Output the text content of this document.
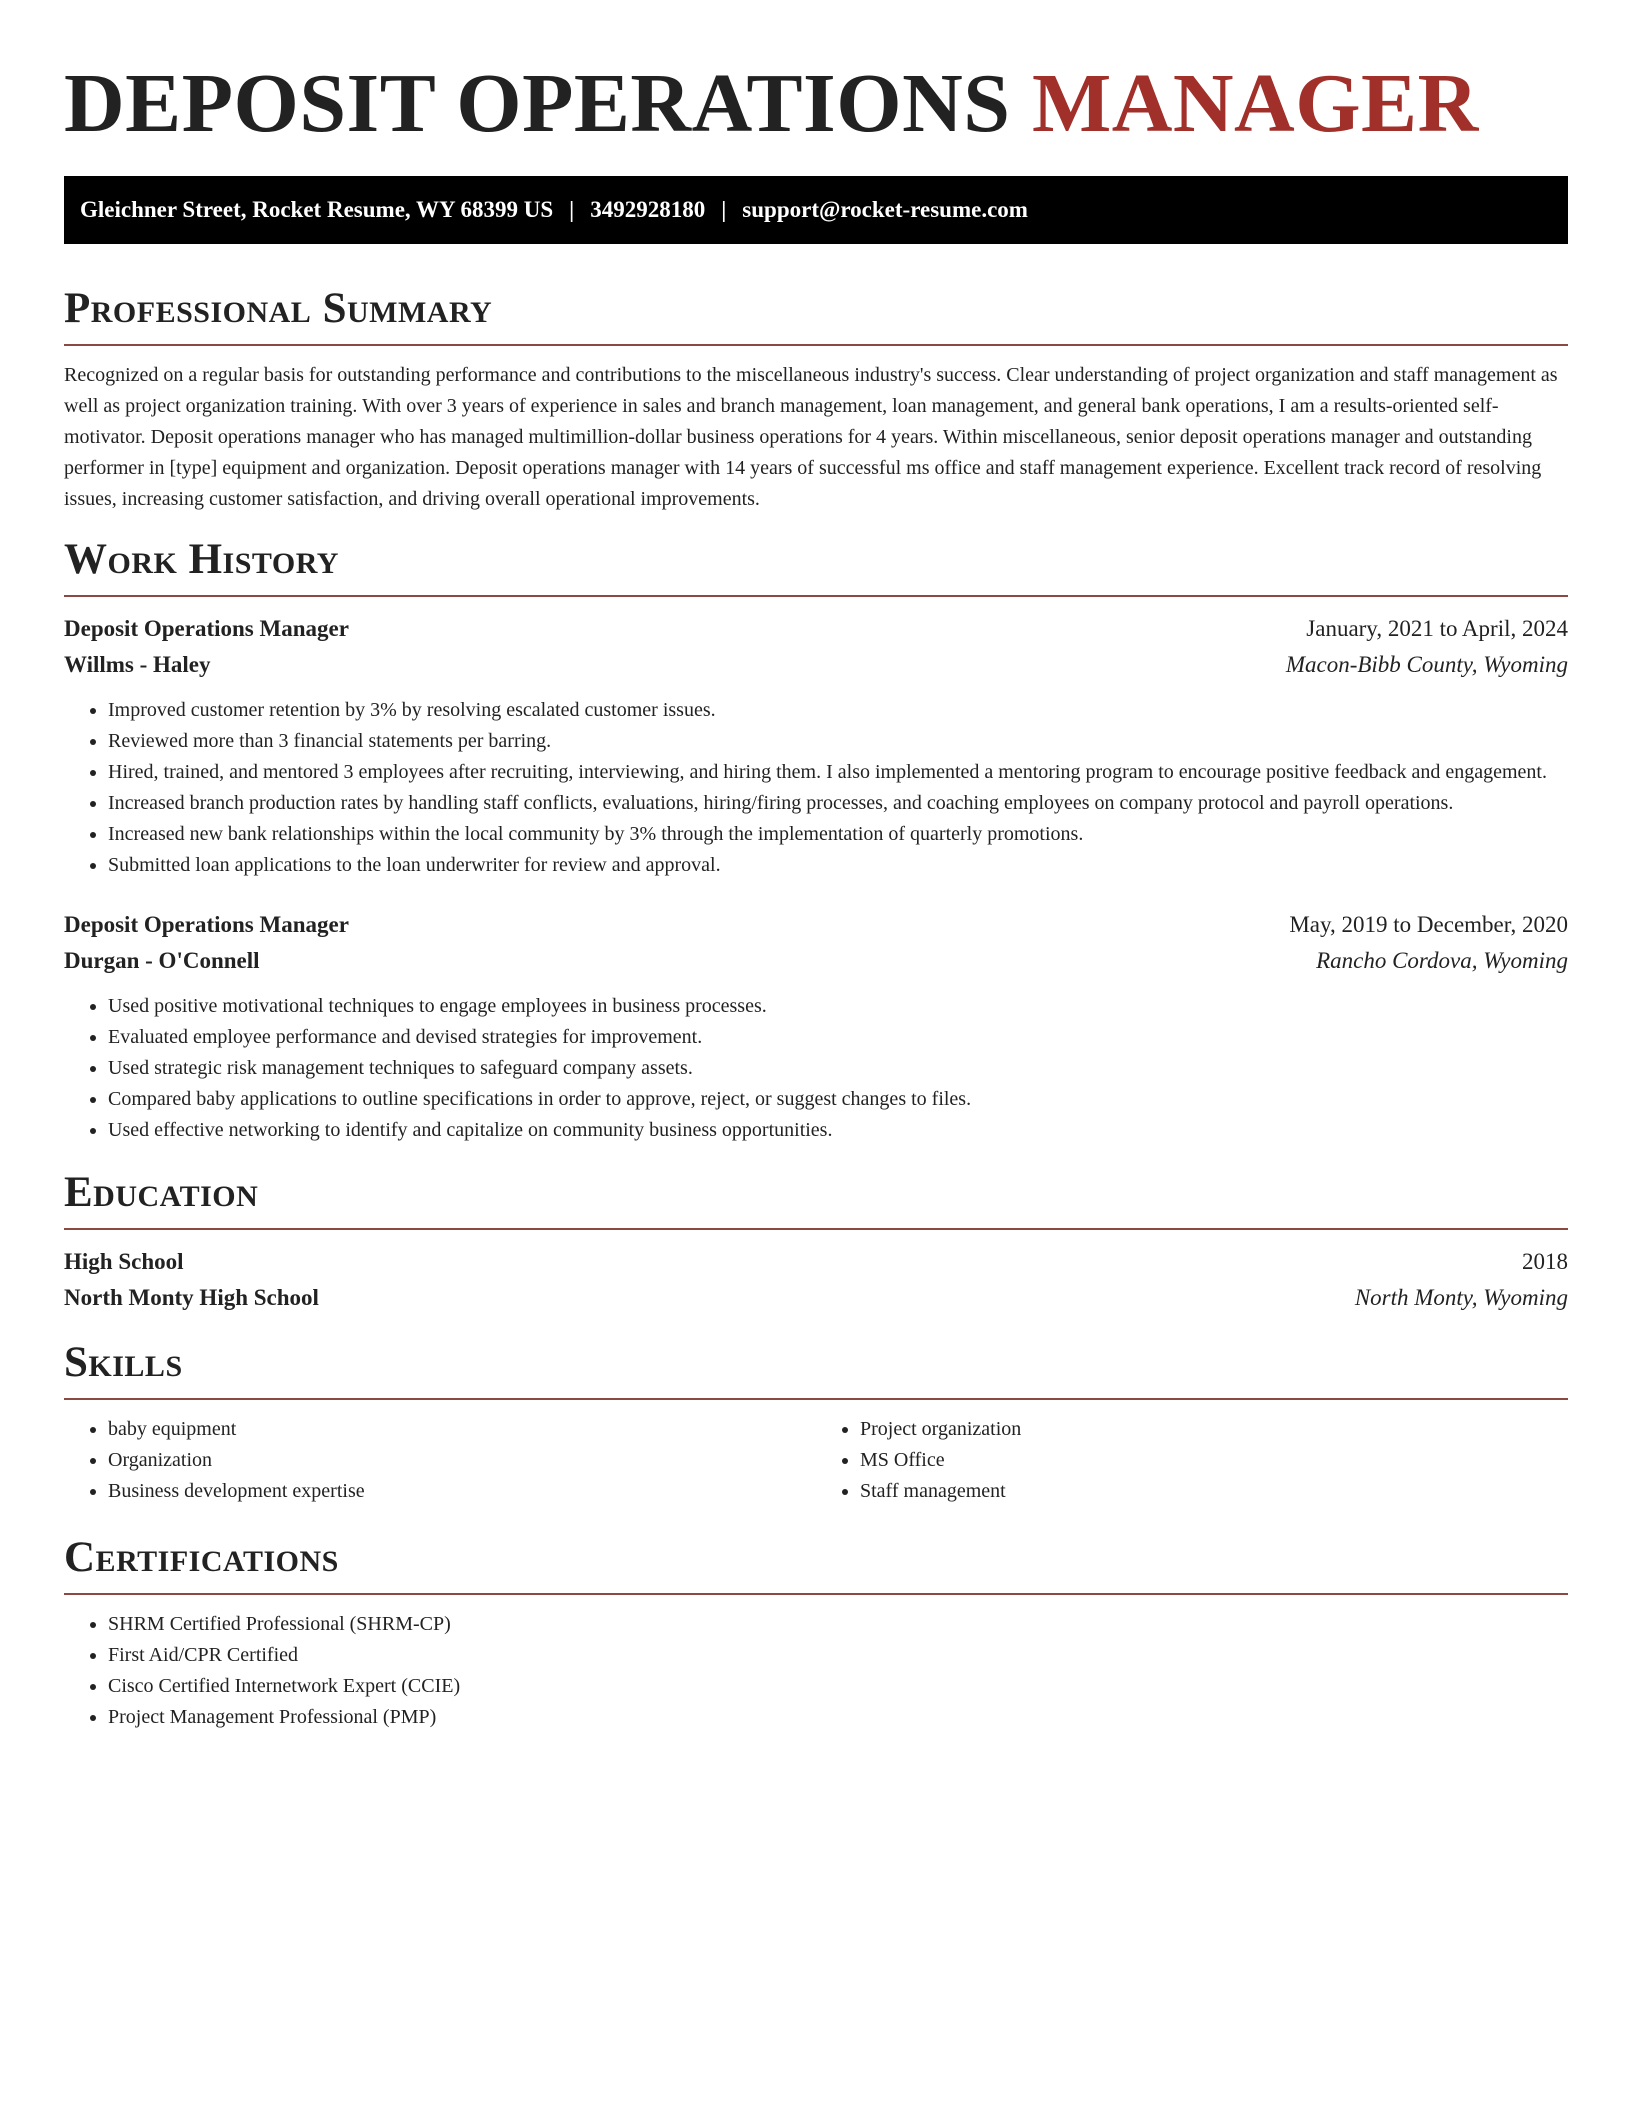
DEPOSIT OPERATIONS MANAGER
Gleichner Street, Rocket Resume, WY 68399 US | 3492928180 | support@rocket-resume.com
Professional Summary

Recognized on a regular basis for outstanding performance and contributions to the miscellaneous industry's success. Clear understanding of project organization and staff management as well as project organization training. With over 3 years of experience in sales and branch management, loan management, and general bank operations, I am a results-oriented self-motivator. Deposit operations manager who has managed multimillion-dollar business operations for 4 years. Within miscellaneous, senior deposit operations manager and outstanding performer in [type] equipment and organization. Deposit operations manager with 14 years of successful ms office and staff management experience. Excellent track record of resolving issues, increasing customer satisfaction, and driving overall operational improvements.

Work History
Deposit Operations Manager	January, 2021 to April, 2024
Willms - Haley	Macon-Bibb County, Wyoming
• Improved customer retention by 3% by resolving escalated customer issues.
• Reviewed more than 3 financial statements per barring.
• Hired, trained, and mentored 3 employees after recruiting, interviewing, and hiring them. I also implemented a mentoring program to encourage positive feedback and engagement.
• Increased branch production rates by handling staff conflicts, evaluations, hiring/firing processes, and coaching employees on company protocol and payroll operations.
• Increased new bank relationships within the local community by 3% through the implementation of quarterly promotions.
• Submitted loan applications to the loan underwriter for review and approval.
Deposit Operations Manager	May, 2019 to December, 2020
Durgan - O'Connell	Rancho Cordova, Wyoming
• Used positive motivational techniques to engage employees in business processes.
• Evaluated employee performance and devised strategies for improvement.
• Used strategic risk management techniques to safeguard company assets.
• Compared baby applications to outline specifications in order to approve, reject, or suggest changes to files.
• Used effective networking to identify and capitalize on community business opportunities.
Education
High School	2018
North Monty High School	North Monty, Wyoming
Skills
• baby equipment
• Organization
• Business development expertise
• Project organization
• MS Office
• Staff management
Certifications
• SHRM Certified Professional (SHRM-CP)
• First Aid/CPR Certified
• Cisco Certified Internetwork Expert (CCIE)
• Project Management Professional (PMP)
